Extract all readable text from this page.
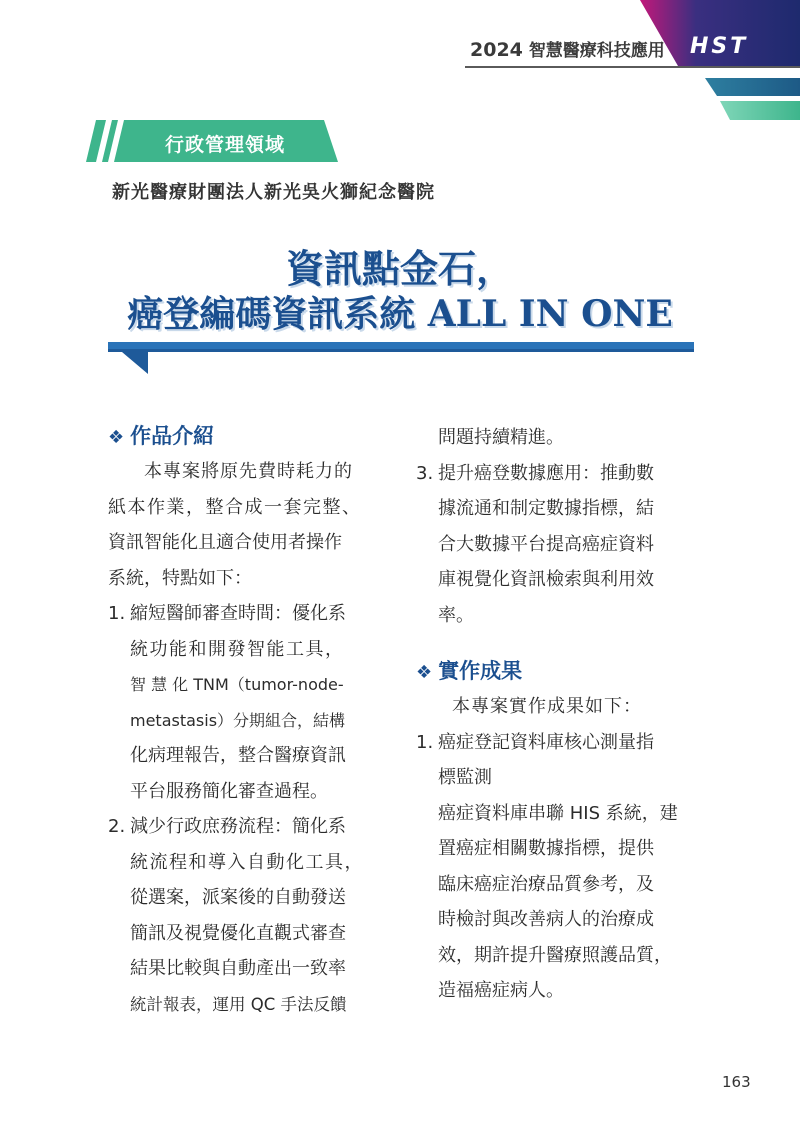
HST
2024 智慧醫療科技應用
行政管理領域
新光醫療財團法人新光吳火獅紀念醫院
資訊點金石，
癌登編碼資訊系統 ALL IN ONE
❖ 作品介紹
本專案將原先費時耗力的
紙本作業，整合成一套完整、
資訊智能化且適合使用者操作
系統，特點如下：
1. 縮短醫師審查時間：優化系
統功能和開發智能工具，
智 慧 化 TNM（tumor-node-
metastasis）分期組合，結構
化病理報告，整合醫療資訊
平台服務簡化審查過程。
2. 減少行政庶務流程：簡化系
統流程和導入自動化工具，
從選案，派案後的自動發送
簡訊及視覺優化直觀式審查
結果比較與自動產出一致率
統計報表，運用 QC 手法反饋
問題持續精進。
3. 提升癌登數據應用：推動數
據流通和制定數據指標，結
合大數據平台提高癌症資料
庫視覺化資訊檢索與利用效
率。
❖ 實作成果
本專案實作成果如下：
1. 癌症登記資料庫核心測量指
標監測
癌症資料庫串聯 HIS 系統，建
置癌症相關數據指標，提供
臨床癌症治療品質參考，及
時檢討與改善病人的治療成
效，期許提升醫療照護品質，
造福癌症病人。
163
